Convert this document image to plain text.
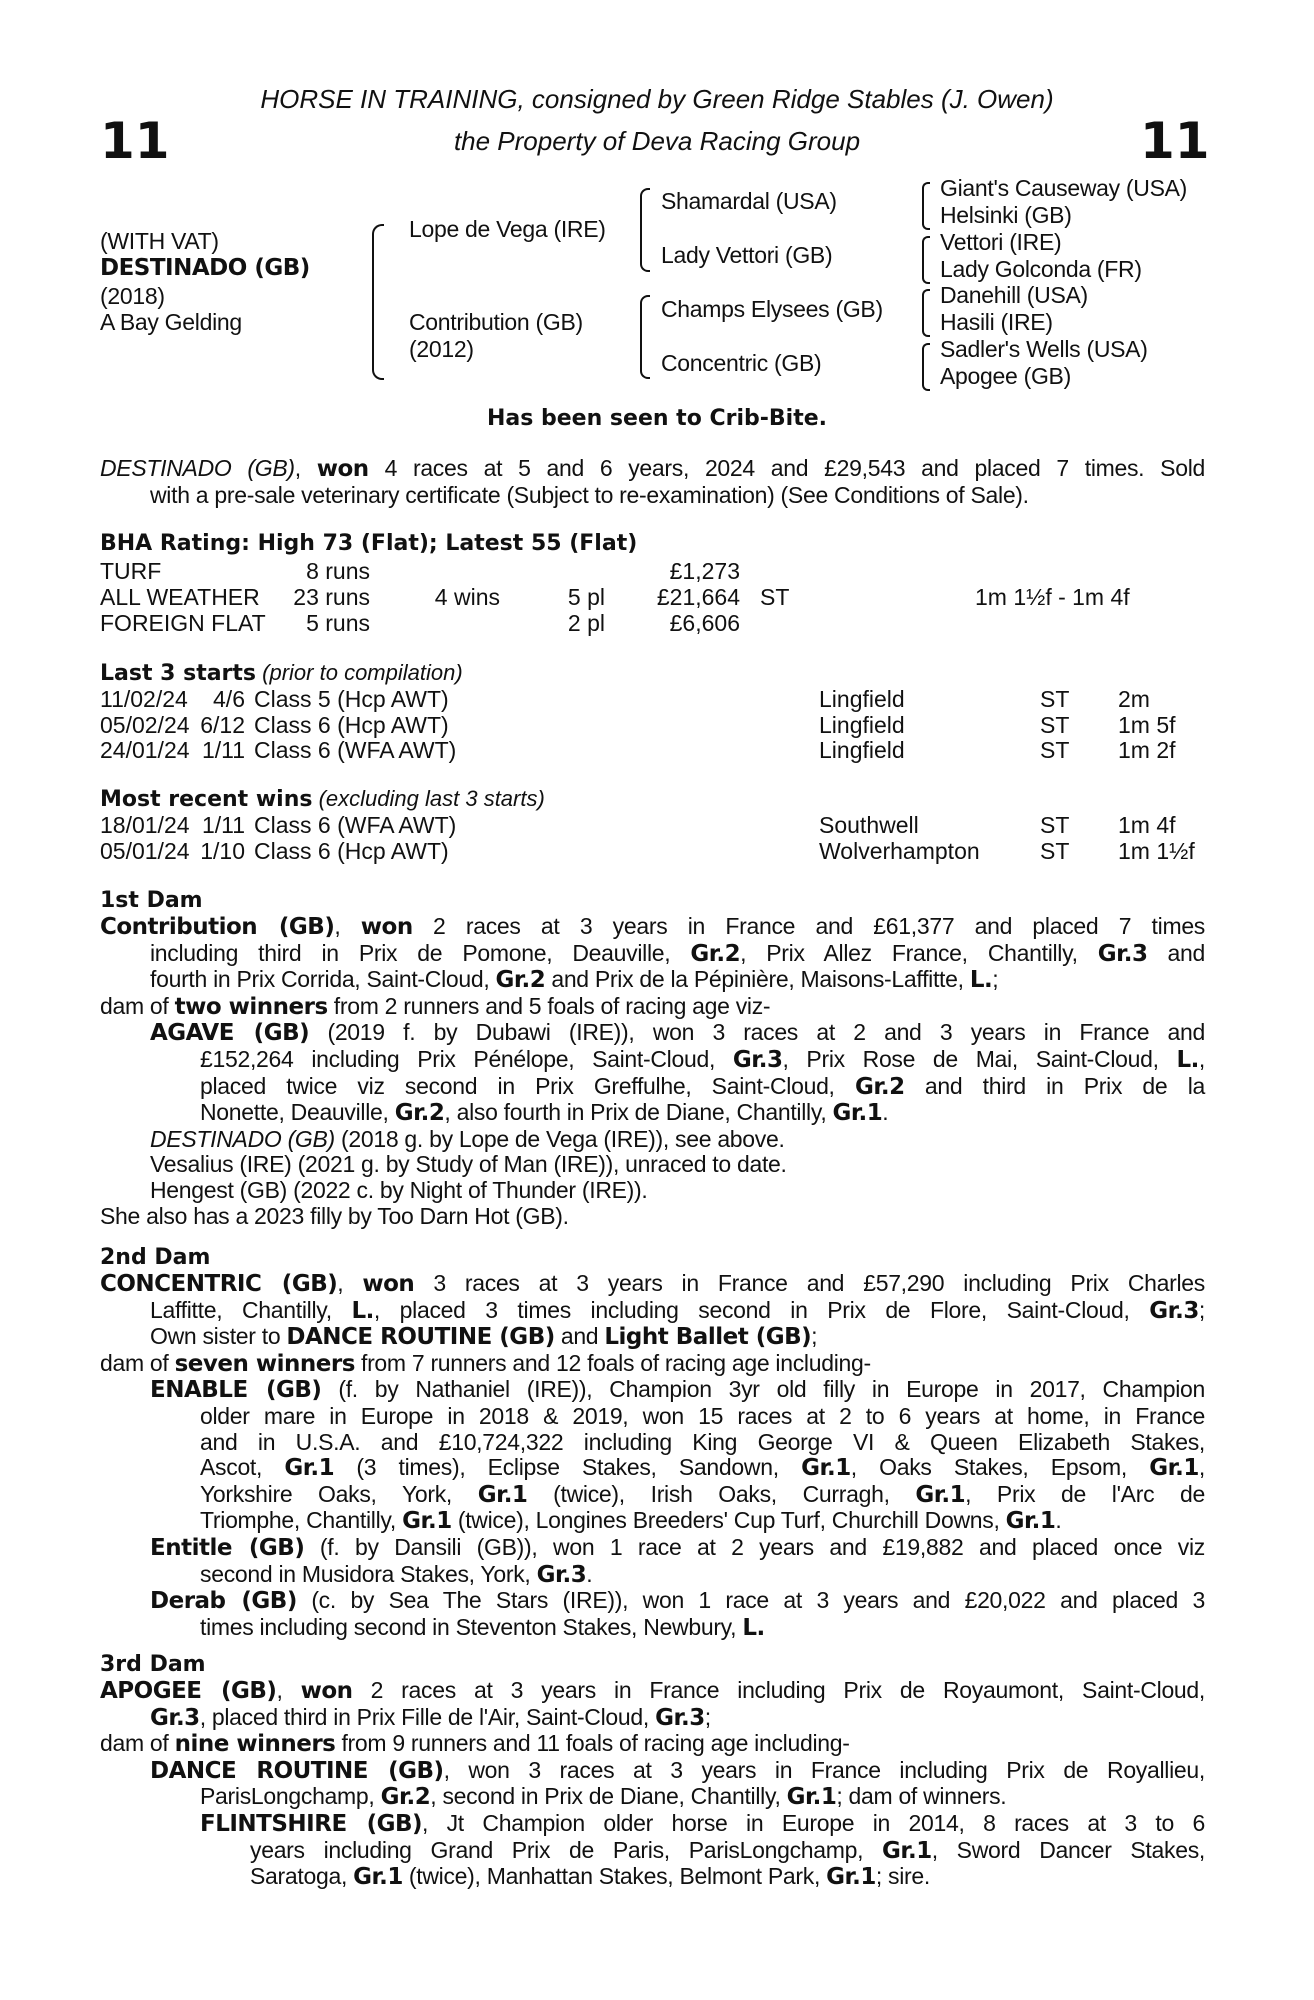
HORSE IN TRAINING, consigned by Green Ridge Stables (J. Owen)
the Property of Deva Racing Group
11	11
(WITH VAT)
DESTINADO (GB)
(2018)
A Bay Gelding
Lope de Vega (IRE)
Contribution (GB)
(2012)
Shamardal (USA)
Lady Vettori (GB)
Champs Elysees (GB)
Concentric (GB)
Giant's Causeway (USA)
Helsinki (GB)
Vettori (IRE)
Lady Golconda (FR)
Danehill (USA)
Hasili (IRE)
Sadler's Wells (USA)
Apogee (GB)
Has been seen to Crib-Bite.
DESTINADO (GB), won 4 races at 5 and 6 years, 2024 and £29,543 and placed 7 times. Sold
with a pre-sale veterinary certificate (Subject to re-examination) (See Conditions of Sale).
BHA Rating: High 73 (Flat); Latest 55 (Flat)
TURF	8 runs	£1,273
ALL WEATHER 23 runs	4 wins	5 pl £21,664 ST	1m 1½f - 1m 4f
FOREIGN FLAT 5 runs	2 pl	£6,606
Last 3 starts (prior to compilation)
11/02/24 4/6 Class 5 (Hcp AWT)	Lingfield	ST 2m
05/02/24 6/12 Class 6 (Hcp AWT)	Lingfield	ST 1m 5f
24/01/24 1/11 Class 6 (WFA AWT)	Lingfield	ST 1m 2f
Most recent wins (excluding last 3 starts)
18/01/24 1/11 Class 6 (WFA AWT)	Southwell	ST 1m 4f
05/01/24 1/10 Class 6 (Hcp AWT)	Wolverhampton	ST 1m 1½f
1st Dam
Contribution (GB), won 2 races at 3 years in France and £61,377 and placed 7 times
including third in Prix de Pomone, Deauville, Gr.2, Prix Allez France, Chantilly, Gr.3 and
fourth in Prix Corrida, Saint-Cloud, Gr.2 and Prix de la Pépinière, Maisons-Laffitte, L.;
dam of two winners from 2 runners and 5 foals of racing age viz-
AGAVE (GB) (2019 f. by Dubawi (IRE)), won 3 races at 2 and 3 years in France and
£152,264 including Prix Pénélope, Saint-Cloud, Gr.3, Prix Rose de Mai, Saint-Cloud, L.,
placed twice viz second in Prix Greffulhe, Saint-Cloud, Gr.2 and third in Prix de la
Nonette, Deauville, Gr.2, also fourth in Prix de Diane, Chantilly, Gr.1.
DESTINADO (GB) (2018 g. by Lope de Vega (IRE)), see above.
Vesalius (IRE) (2021 g. by Study of Man (IRE)), unraced to date.
Hengest (GB) (2022 c. by Night of Thunder (IRE)).
She also has a 2023 filly by Too Darn Hot (GB).
2nd Dam
CONCENTRIC (GB), won 3 races at 3 years in France and £57,290 including Prix Charles
Laffitte, Chantilly, L., placed 3 times including second in Prix de Flore, Saint-Cloud, Gr.3;
Own sister to DANCE ROUTINE (GB) and Light Ballet (GB);
dam of seven winners from 7 runners and 12 foals of racing age including-
ENABLE (GB) (f. by Nathaniel (IRE)), Champion 3yr old filly in Europe in 2017, Champion
older mare in Europe in 2018 & 2019, won 15 races at 2 to 6 years at home, in France
and in U.S.A. and £10,724,322 including King George VI & Queen Elizabeth Stakes,
Ascot, Gr.1 (3 times), Eclipse Stakes, Sandown, Gr.1, Oaks Stakes, Epsom, Gr.1,
Yorkshire Oaks, York, Gr.1 (twice), Irish Oaks, Curragh, Gr.1, Prix de l'Arc de
Triomphe, Chantilly, Gr.1 (twice), Longines Breeders' Cup Turf, Churchill Downs, Gr.1.
Entitle (GB) (f. by Dansili (GB)), won 1 race at 2 years and £19,882 and placed once viz
second in Musidora Stakes, York, Gr.3.
Derab (GB) (c. by Sea The Stars (IRE)), won 1 race at 3 years and £20,022 and placed 3
times including second in Steventon Stakes, Newbury, L.
3rd Dam
APOGEE (GB), won 2 races at 3 years in France including Prix de Royaumont, Saint-Cloud,
Gr.3, placed third in Prix Fille de l'Air, Saint-Cloud, Gr.3;
dam of nine winners from 9 runners and 11 foals of racing age including-
DANCE ROUTINE (GB), won 3 races at 3 years in France including Prix de Royallieu,
ParisLongchamp, Gr.2, second in Prix de Diane, Chantilly, Gr.1; dam of winners.
FLINTSHIRE (GB), Jt Champion older horse in Europe in 2014, 8 races at 3 to 6
years including Grand Prix de Paris, ParisLongchamp, Gr.1, Sword Dancer Stakes,
Saratoga, Gr.1 (twice), Manhattan Stakes, Belmont Park, Gr.1; sire.
